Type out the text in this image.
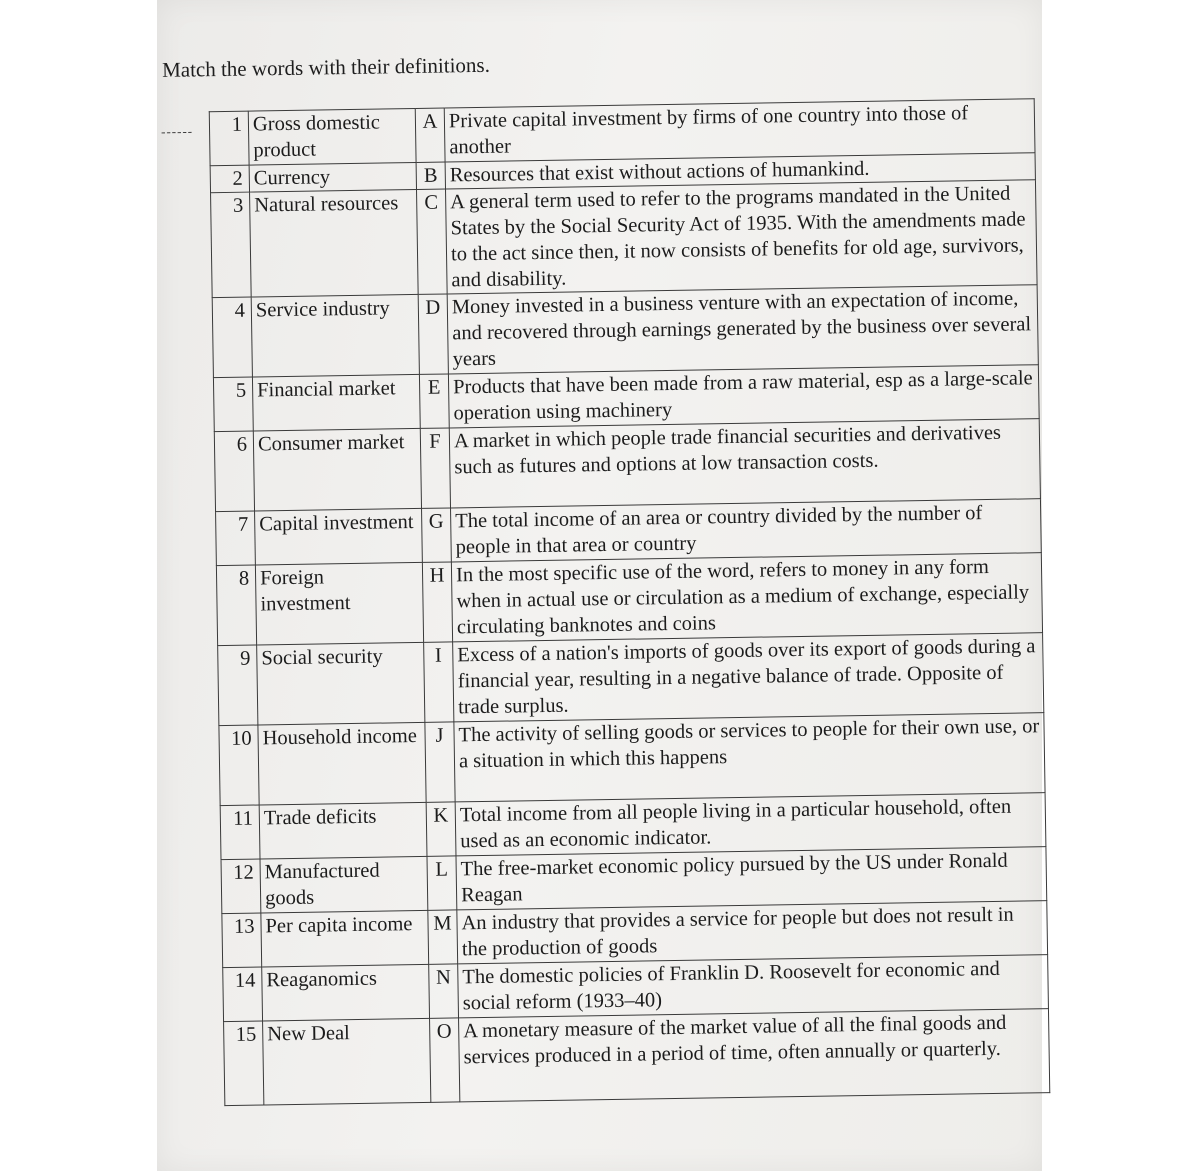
Match the words with their definitions.
------ 1	Gross domestic product	A	Private capital investment by firms of one country into those of another
2	Currency	B	Resources that exist without actions of humankind.
3	Natural resources	C	A general term used to refer to the programs mandated in the United States by the Social Security Act of 1935. With the amendments made to the act since then, it now consists of benefits for old age, survivors, and disability.
4	Service industry	D	Money invested in a business venture with an expectation of income, and recovered through earnings generated by the business over several years
5	Financial market	E	Products that have been made from a raw material, esp as a large-scale operation using machinery
6	Consumer market	F	A market in which people trade financial securities and derivatives such as futures and options at low transaction costs.
7	Capital investment	G	The total income of an area or country divided by the number of people in that area or country
8	Foreign investment	H	In the most specific use of the word, refers to money in any form when in actual use or circulation as a medium of exchange, especially circulating banknotes and coins
9	Social security	I	Excess of a nation's imports of goods over its export of goods during a financial year, resulting in a negative balance of trade. Opposite of trade surplus.
10	Household income	J	The activity of selling goods or services to people for their own use, or a situation in which this happens
11	Trade deficits	K	Total income from all people living in a particular household, often used as an economic indicator.
12	Manufactured goods	L	The free-market economic policy pursued by the US under Ronald Reagan
13	Per capita income	M	An industry that provides a service for people but does not result in the production of goods
14	Reaganomics	N	The domestic policies of Franklin D. Roosevelt for economic and social reform (1933–40)
15	New Deal	O	A monetary measure of the market value of all the final goods and services produced in a period of time, often annually or quarterly.
